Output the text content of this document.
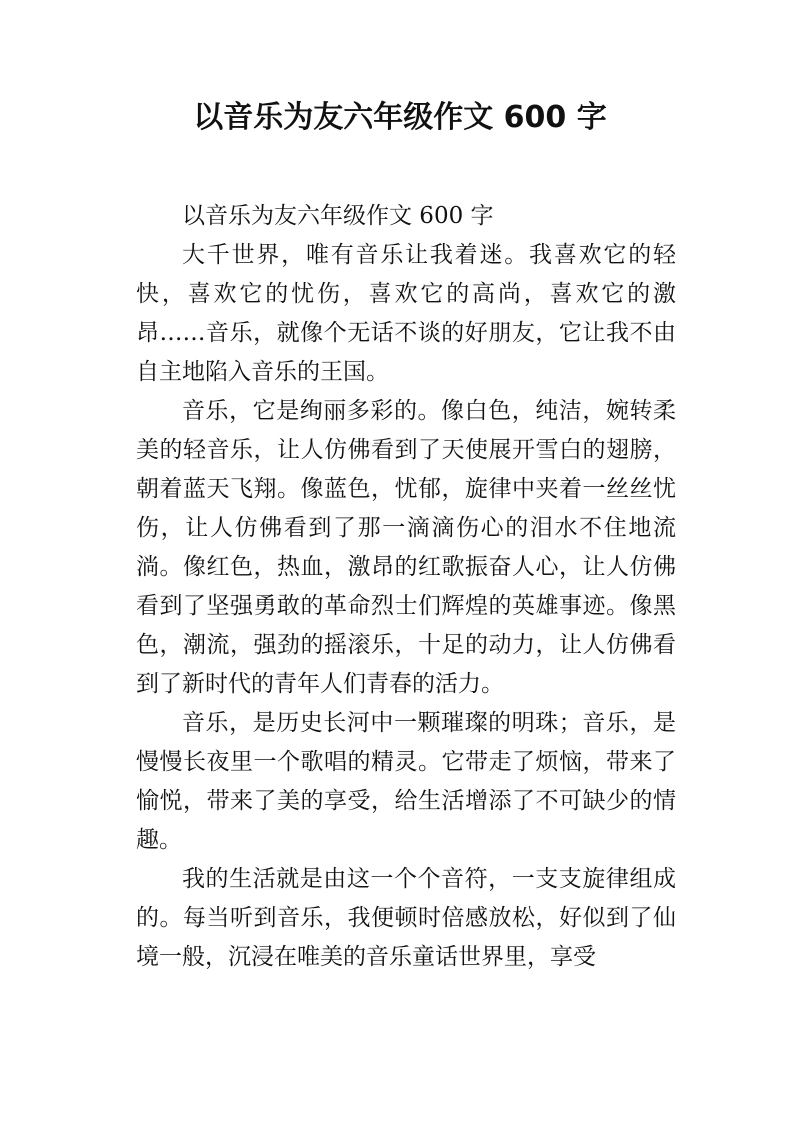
以音乐为友六年级作文 600 字

以音乐为友六年级作文 600 字

大千世界，唯有音乐让我着迷。我喜欢它的轻快，喜欢它的忧伤，喜欢它的高尚，喜欢它的激昂……音乐，就像个无话不谈的好朋友，它让我不由自主地陷入音乐的王国。

音乐，它是绚丽多彩的。像白色，纯洁，婉转柔美的轻音乐，让人仿佛看到了天使展开雪白的翅膀，朝着蓝天飞翔。像蓝色，忧郁，旋律中夹着一丝丝忧伤，让人仿佛看到了那一滴滴伤心的泪水不住地流淌。像红色，热血，激昂的红歌振奋人心，让人仿佛看到了坚强勇敢的革命烈士们辉煌的英雄事迹。像黑色，潮流，强劲的摇滚乐，十足的动力，让人仿佛看到了新时代的青年人们青春的活力。

音乐，是历史长河中一颗璀璨的明珠；音乐，是慢慢长夜里一个歌唱的精灵。它带走了烦恼，带来了愉悦，带来了美的享受，给生活增添了不可缺少的情趣。

我的生活就是由这一个个音符，一支支旋律组成的。每当听到音乐，我便顿时倍感放松，好似到了仙境一般，沉浸在唯美的音乐童话世界里，享受
